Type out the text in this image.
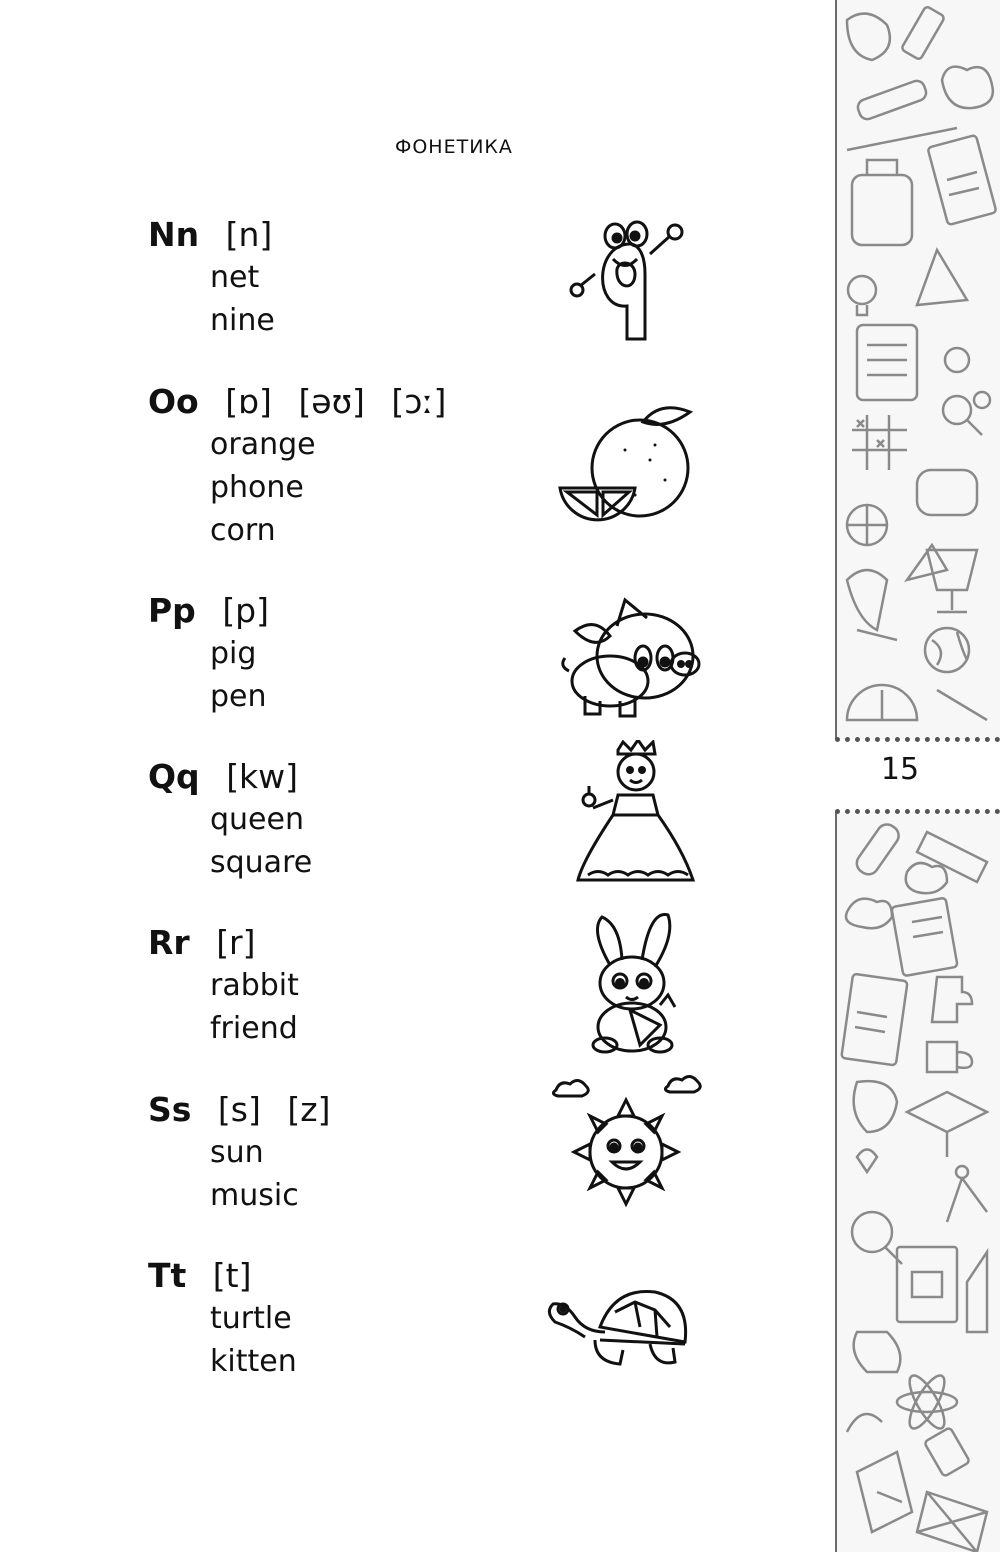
ФОНЕТИКА
Nn [n]
net
nine
Oo [ɒ] [əʊ] [ɔː]
orange
phone
corn
Pp [p]
pig
pen
Qq [kw]
queen
square
Rr [r]
rabbit
friend
Ss [s] [z]
sun
music
Tt [t]
turtle
kitten
15
